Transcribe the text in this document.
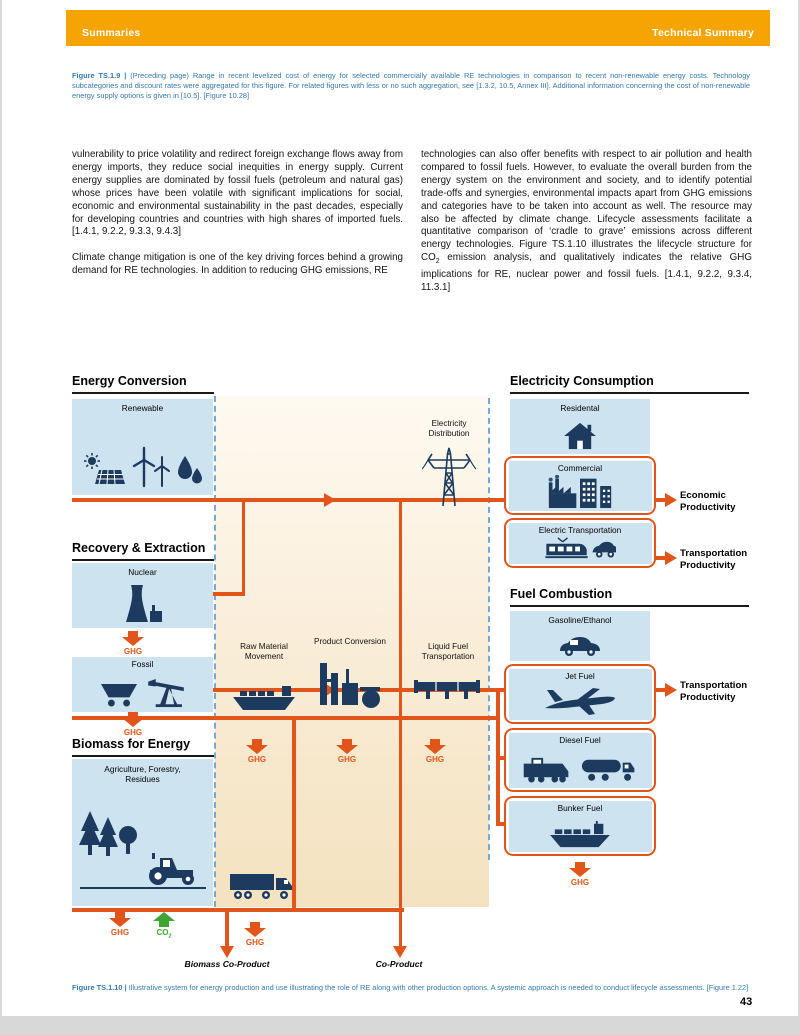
Summaries	Technical Summary
Figure TS.1.9 | (Preceding page) Range in recent levelized cost of energy for selected commercially available RE technologies in comparison to recent non-renewable energy costs. Technology subcategories and discount rates were aggregated for this figure. For related figures with less or no such aggregation, see [1.3.2, 10.5, Annex III]. Additional information concerning the cost of non-renewable energy supply options is given in [10.5]. [Figure 10.28]

vulnerability to price volatility and redirect foreign exchange flows away from energy imports, they reduce social inequities in energy supply. Current energy supplies are dominated by fossil fuels (petroleum and natural gas) whose prices have been volatile with significant implications for social, economic and environmental sustainability in the past decades, especially for developing countries and countries with high shares of imported fuels. [1.4.1, 9.2.2, 9.3.3, 9.4.3]

Climate change mitigation is one of the key driving forces behind a growing demand for RE technologies. In addition to reducing GHG emissions, RE

technologies can also offer benefits with respect to air pollution and health compared to fossil fuels. However, to evaluate the overall burden from the energy system on the environment and society, and to identify potential trade-offs and synergies, environmental impacts apart from GHG emissions and categories have to be taken into account as well. The resource may also be affected by climate change. Lifecycle assessments facilitate a quantitative comparison of ‘cradle to grave’ emissions across different energy technologies. Figure TS.1.10 illustrates the lifecycle structure for $CO_2$ emission analysis, and qualitatively indicates the relative GHG implications for RE, nuclear power and fossil fuels. [1.4.1, 9.2.2, 9.3.4, 11.3.1]

Energy Conversion	Electricity Consumption
Recovery & Extraction
Fuel Combustion
Biomass for Energy
Renewable
Nuclear
GHG
Fossil
GHG
Agriculture, Forestry, Residues
GHG	$CO_2$
Electricity Distribution
Raw Material Movement
Product Conversion
Liquid Fuel Transportation
GHG	GHG	GHG
GHG
Biomass Co-Product	Co-Product
Residental
Commercial
Electric Transportation
Gasoline/Ethanol
Jet Fuel
Diesel Fuel
Bunker Fuel
GHG
Economic Productivity
Transportation Productivity
Transportation Productivity
Figure TS.1.10 | Illustrative system for energy production and use illustrating the role of RE along with other production options. A systemic approach is needed to conduct lifecycle assessments. [Figure 1.22]
43
